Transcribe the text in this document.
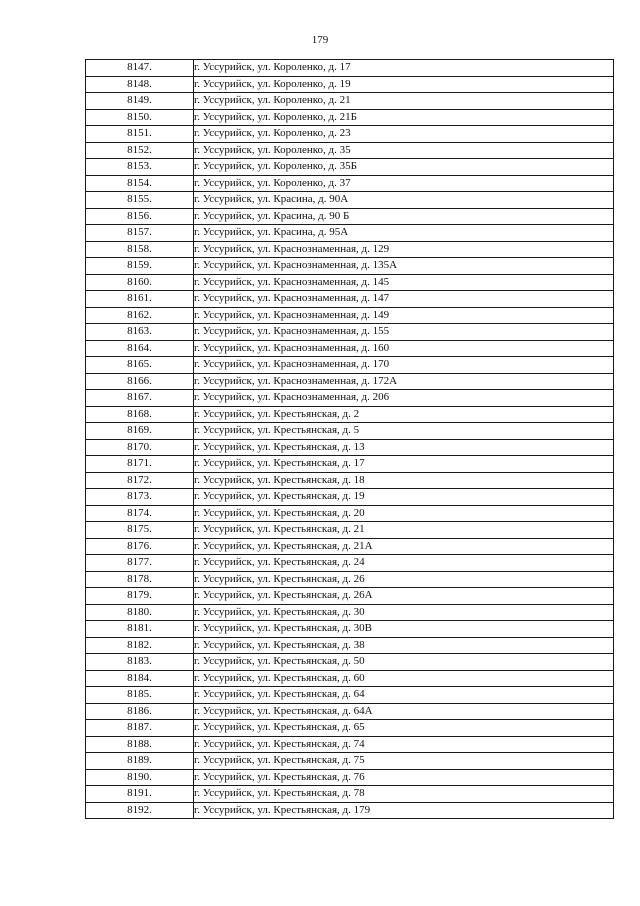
179
8147.	г. Уссурийск, ул. Короленко, д. 17
8148.	г. Уссурийск, ул. Короленко, д. 19
8149.	г. Уссурийск, ул. Короленко, д. 21
8150.	г. Уссурийск, ул. Короленко, д. 21Б
8151.	г. Уссурийск, ул. Короленко, д. 23
8152.	г. Уссурийск, ул. Короленко, д. 35
8153.	г. Уссурийск, ул. Короленко, д. 35Б
8154.	г. Уссурийск, ул. Короленко, д. 37
8155.	г. Уссурийск, ул. Красина, д. 90А
8156.	г. Уссурийск, ул. Красина, д. 90 Б
8157.	г. Уссурийск, ул. Красина, д. 95А
8158.	г. Уссурийск, ул. Краснознаменная, д. 129
8159.	г. Уссурийск, ул. Краснознаменная, д. 135А
8160.	г. Уссурийск, ул. Краснознаменная, д. 145
8161.	г. Уссурийск, ул. Краснознаменная, д. 147
8162.	г. Уссурийск, ул. Краснознаменная, д. 149
8163.	г. Уссурийск, ул. Краснознаменная, д. 155
8164.	г. Уссурийск, ул. Краснознаменная, д. 160
8165.	г. Уссурийск, ул. Краснознаменная, д. 170
8166.	г. Уссурийск, ул. Краснознаменная, д. 172А
8167.	г. Уссурийск, ул. Краснознаменная, д. 206
8168.	г. Уссурийск, ул. Крестьянская, д. 2
8169.	г. Уссурийск, ул. Крестьянская, д. 5
8170.	г. Уссурийск, ул. Крестьянская, д. 13
8171.	г. Уссурийск, ул. Крестьянская, д. 17
8172.	г. Уссурийск, ул. Крестьянская, д. 18
8173.	г. Уссурийск, ул. Крестьянская, д. 19
8174.	г. Уссурийск, ул. Крестьянская, д. 20
8175.	г. Уссурийск, ул. Крестьянская, д. 21
8176.	г. Уссурийск, ул. Крестьянская, д. 21А
8177.	г. Уссурийск, ул. Крестьянская, д. 24
8178.	г. Уссурийск, ул. Крестьянская, д. 26
8179.	г. Уссурийск, ул. Крестьянская, д. 26А
8180.	г. Уссурийск, ул. Крестьянская, д. 30
8181.	г. Уссурийск, ул. Крестьянская, д. 30В
8182.	г. Уссурийск, ул. Крестьянская, д. 38
8183.	г. Уссурийск, ул. Крестьянская, д. 50
8184.	г. Уссурийск, ул. Крестьянская, д. 60
8185.	г. Уссурийск, ул. Крестьянская, д. 64
8186.	г. Уссурийск, ул. Крестьянская, д. 64А
8187.	г. Уссурийск, ул. Крестьянская, д. 65
8188.	г. Уссурийск, ул. Крестьянская, д. 74
8189.	г. Уссурийск, ул. Крестьянская, д. 75
8190.	г. Уссурийск, ул. Крестьянская, д. 76
8191.	г. Уссурийск, ул. Крестьянская, д. 78
8192.	г. Уссурийск, ул. Крестьянская, д. 179
